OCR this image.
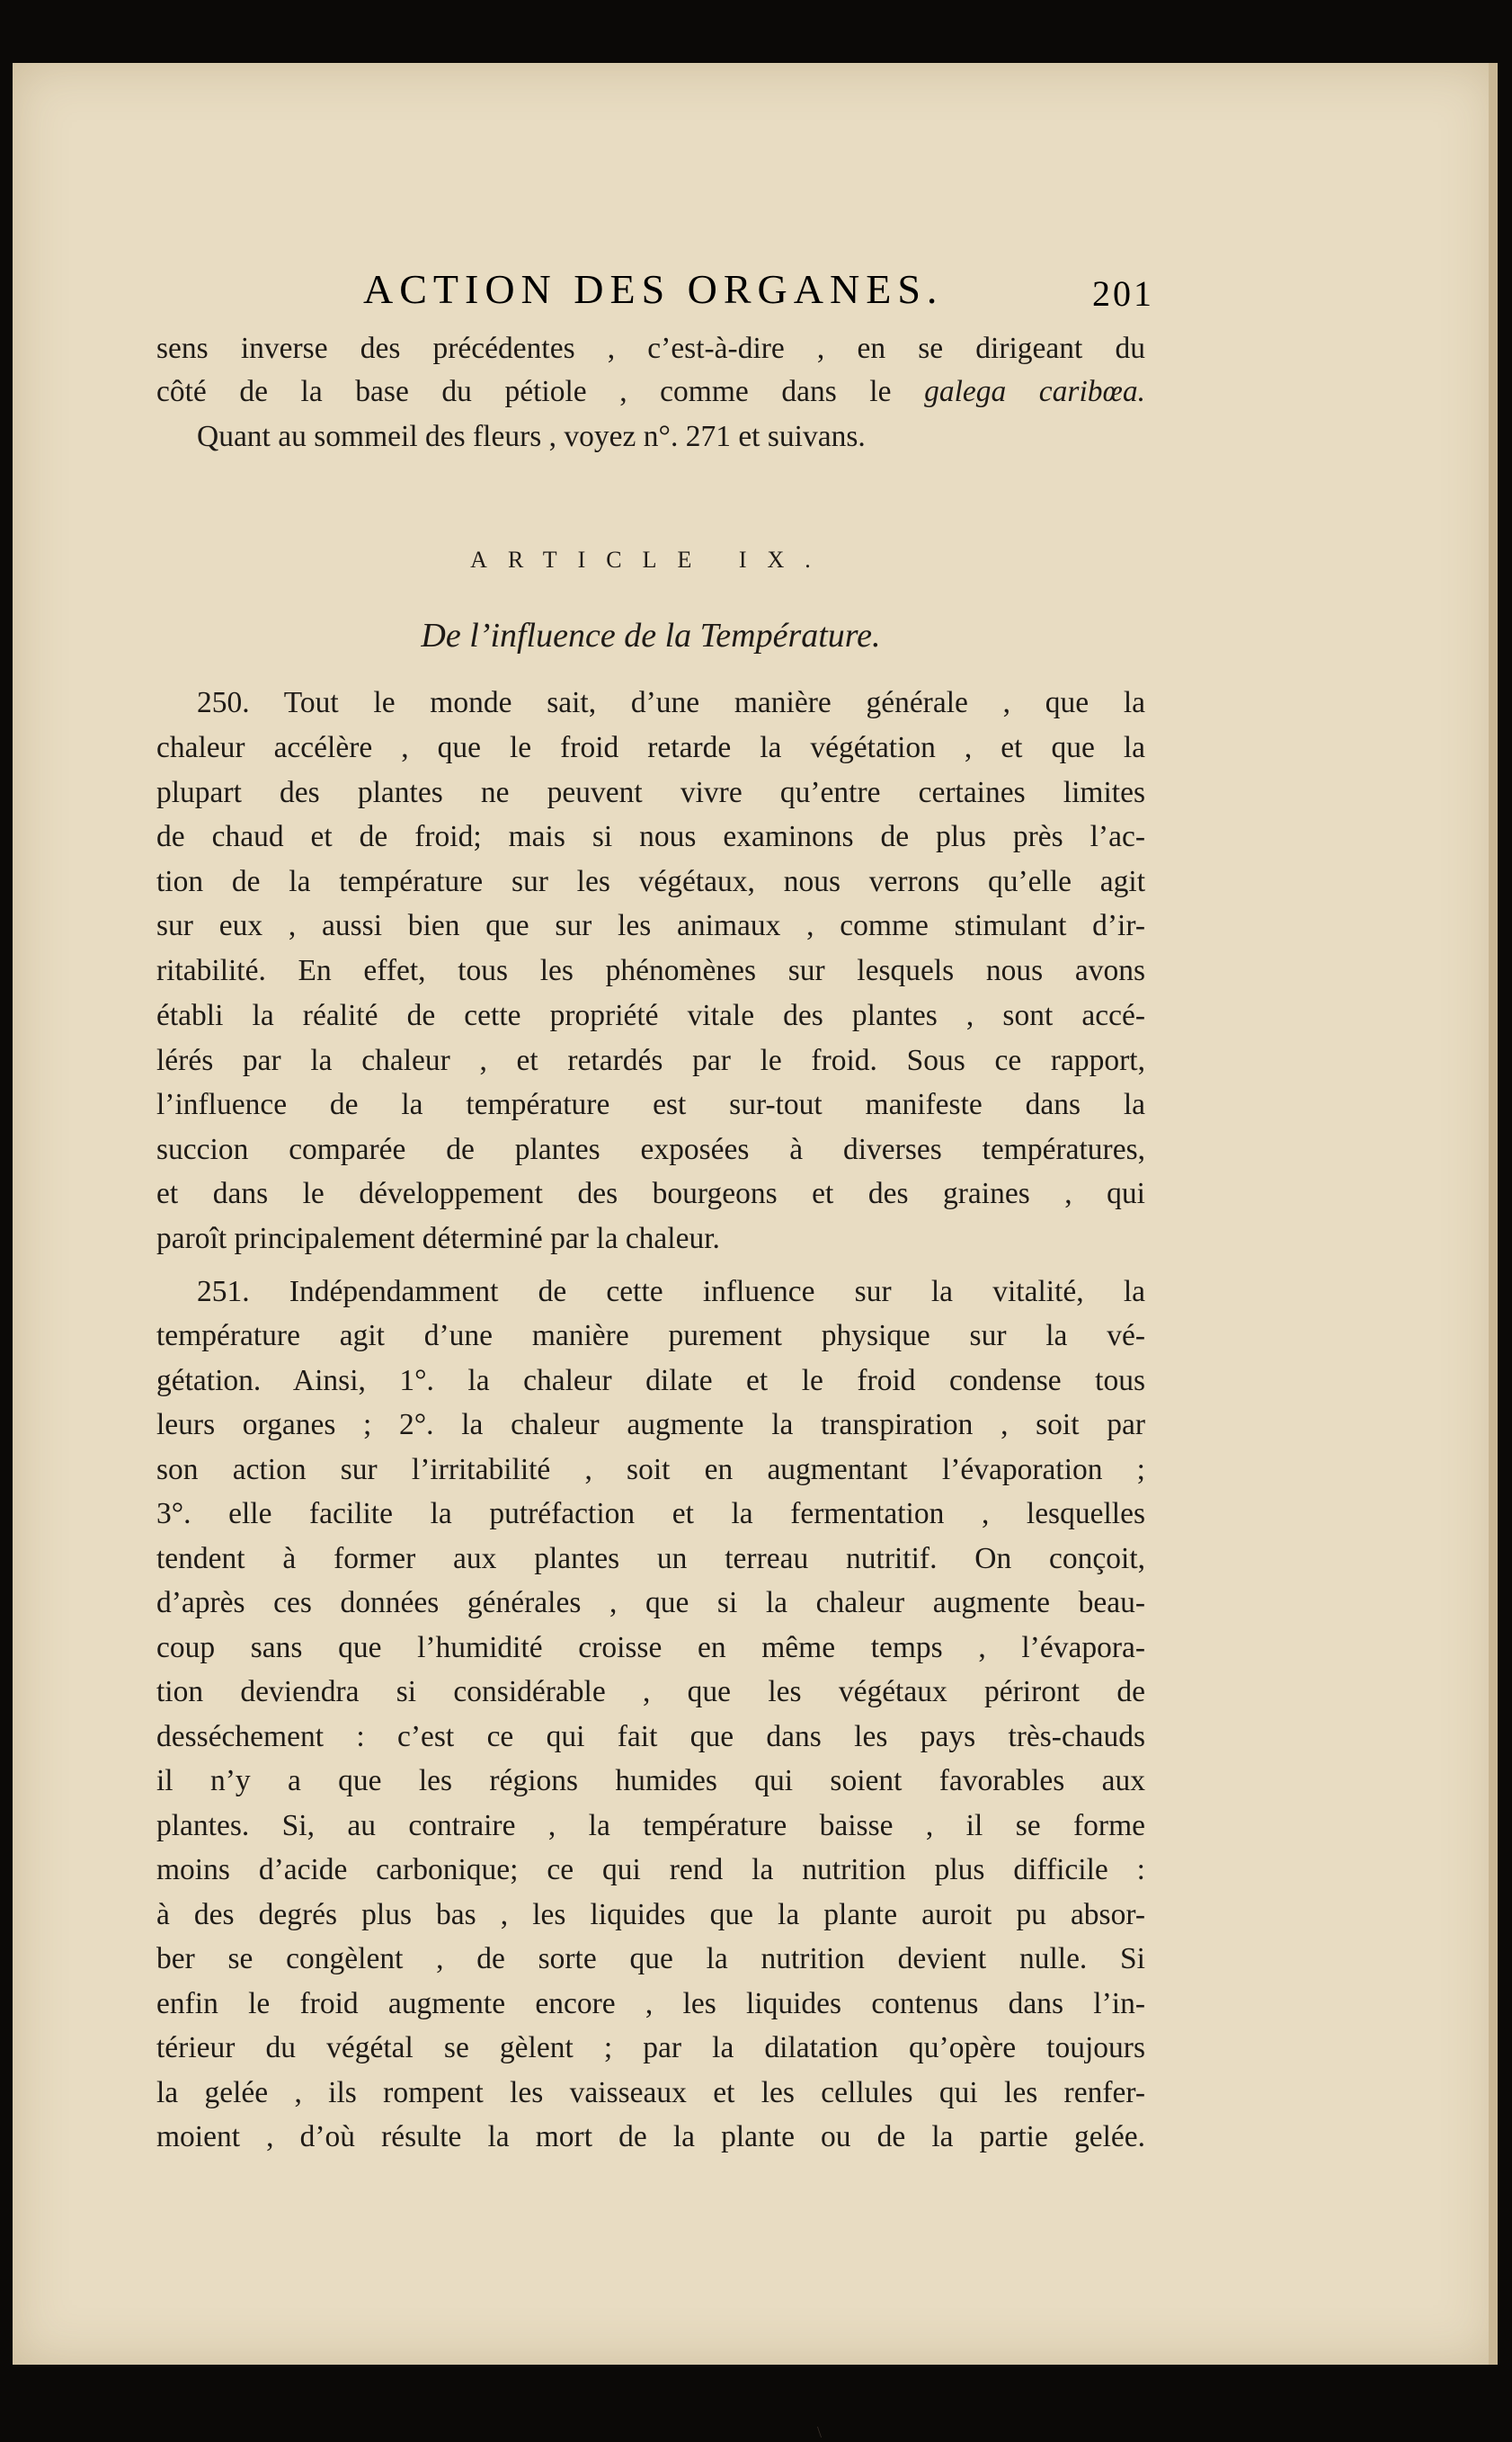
ACTION DES ORGANES.	201
sens inverse des précédentes , c’est-à-dire , en se dirigeant du
côté de la base du pétiole , comme dans le galega caribœa.
Quant au sommeil des fleurs , voyez n°. 271 et suivans.
ARTICLE IX.
De l’influence de la Température.
250. Tout le monde sait, d’une manière générale , que la
chaleur accélère , que le froid retarde la végétation , et que la
plupart des plantes ne peuvent vivre qu’entre certaines limites
de chaud et de froid; mais si nous examinons de plus près l’ac-
tion de la température sur les végétaux, nous verrons qu’elle agit
sur eux , aussi bien que sur les animaux , comme stimulant d’ir-
ritabilité. En effet, tous les phénomènes sur lesquels nous avons
établi la réalité de cette propriété vitale des plantes , sont accé-
lérés par la chaleur , et retardés par le froid. Sous ce rapport,
l’influence de la température est sur-tout manifeste dans la
succion comparée de plantes exposées à diverses températures,
et dans le développement des bourgeons et des graines , qui
paroît principalement déterminé par la chaleur.
251. Indépendamment de cette influence sur la vitalité, la
température agit d’une manière purement physique sur la vé-
gétation. Ainsi, 1°. la chaleur dilate et le froid condense tous
leurs organes ; 2°. la chaleur augmente la transpiration , soit par
son action sur l’irritabilité , soit en augmentant l’évaporation ;
3°. elle facilite la putréfaction et la fermentation , lesquelles
tendent à former aux plantes un terreau nutritif. On conçoit,
d’après ces données générales , que si la chaleur augmente beau-
coup sans que l’humidité croisse en même temps , l’évapora-
tion deviendra si considérable , que les végétaux périront de
desséchement : c’est ce qui fait que dans les pays très-chauds
il n’y a que les régions humides qui soient favorables aux
plantes. Si, au contraire , la température baisse , il se forme
moins d’acide carbonique; ce qui rend la nutrition plus difficile :
à des degrés plus bas , les liquides que la plante auroit pu absor-
ber se congèlent , de sorte que la nutrition devient nulle. Si
enfin le froid augmente encore , les liquides contenus dans l’in-
térieur du végétal se gèlent ; par la dilatation qu’opère toujours
la gelée , ils rompent les vaisseaux et les cellules qui les renfer-
moient , d’où résulte la mort de la plante ou de la partie gelée.
\
